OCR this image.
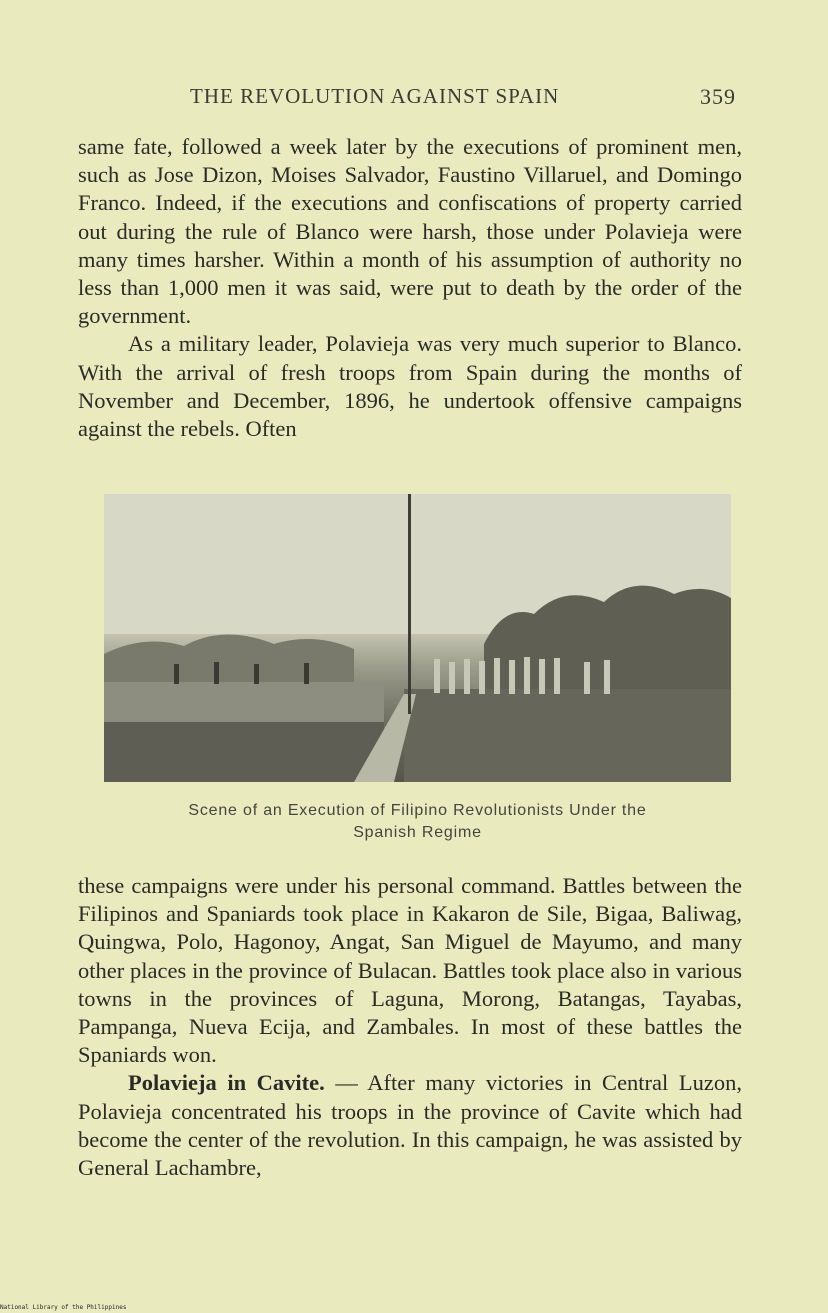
THE REVOLUTION AGAINST SPAIN	359

same fate, followed a week later by the executions of prominent men, such as Jose Dizon, Moises Salvador, Faustino Villaruel, and Domingo Franco. Indeed, if the executions and confiscations of property carried out during the rule of Blanco were harsh, those under Polavieja were many times harsher. Within a month of his assumption of authority no less than 1,000 men it was said, were put to death by the order of the government.

As a military leader, Polavieja was very much superior to Blanco. With the arrival of fresh troops from Spain during the months of November and December, 1896, he undertook offensive campaigns against the rebels. Often

Scene of an Execution of Filipino Revolutionists Under the
Spanish Regime

these campaigns were under his personal command. Battles between the Filipinos and Spaniards took place in Kakaron de Sile, Bigaa, Baliwag, Quingwa, Polo, Hagonoy, Angat, San Miguel de Mayumo, and many other places in the province of Bulacan. Battles took place also in various towns in the provinces of Laguna, Morong, Batangas, Tayabas, Pampanga, Nueva Ecija, and Zambales. In most of these battles the Spaniards won.

Polavieja in Cavite. — After many victories in Central Luzon, Polavieja concentrated his troops in the province of Cavite which had become the center of the revolution. In this campaign, he was assisted by General Lachambre,

National Library of the Philippines
